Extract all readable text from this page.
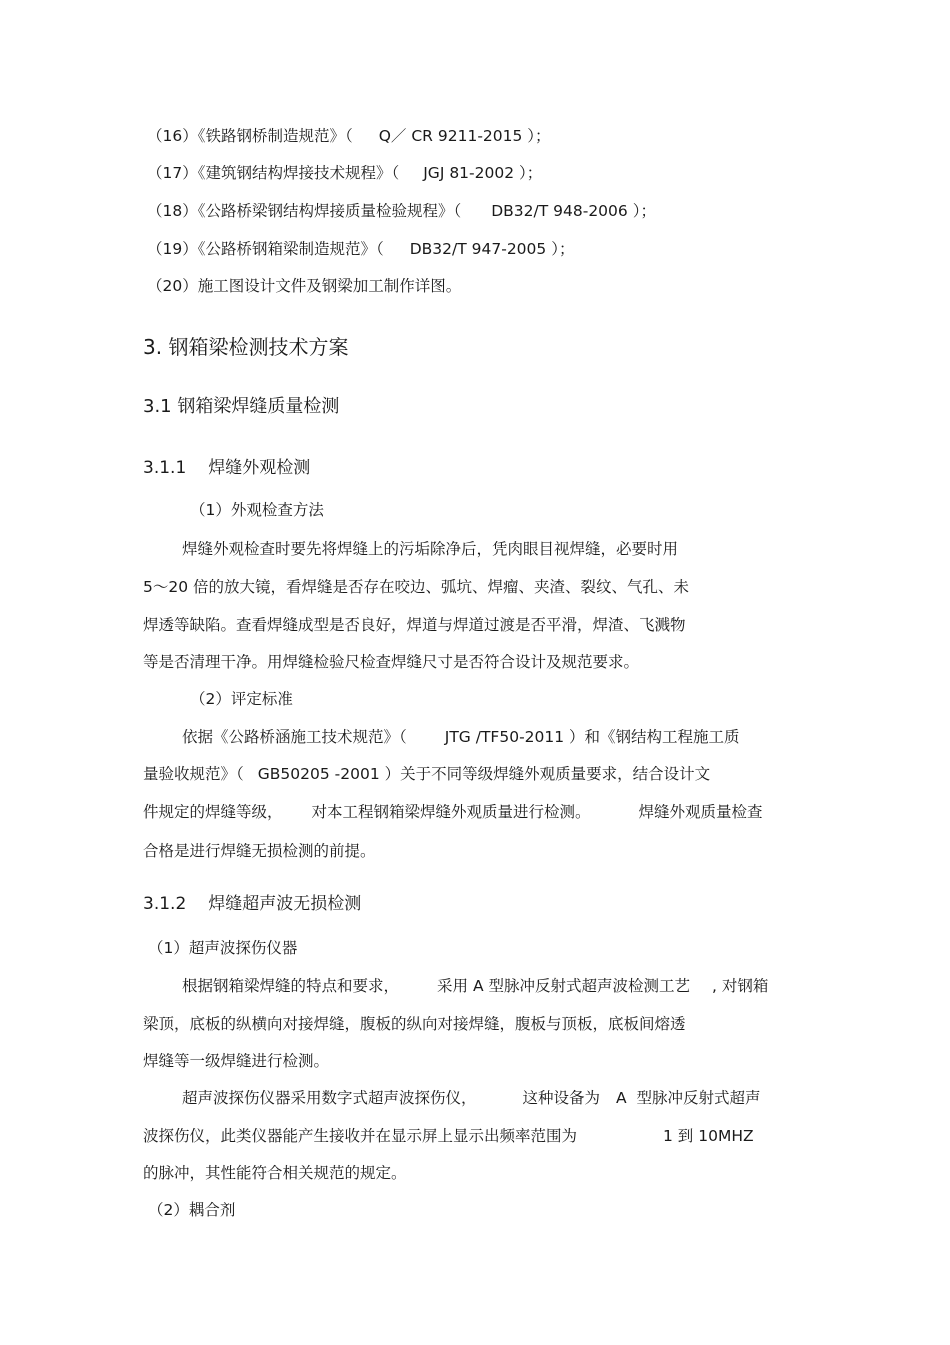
（16）《铁路钢桥制造规范》（ Q／ CR 9211-2015 ）；
（17）《建筑钢结构焊接技术规程》（ JGJ 81-2002 ）；
（18）《公路桥梁钢结构焊接质量检验规程》（ DB32/T 948-2006 ）；
（19）《公路桥钢箱梁制造规范》（ DB32/T 947-2005 ）；
（20）施工图设计文件及钢梁加工制作详图。
3. 钢箱梁检测技术方案
3.1 钢箱梁焊缝质量检测
3.1.1 焊缝外观检测
（1）外观检查方法
焊缝外观检查时要先将焊缝上的污垢除净后，凭肉眼目视焊缝，必要时用
5～20 倍的放大镜，看焊缝是否存在咬边、弧坑、焊瘤、夹渣、裂纹、气孔、未
焊透等缺陷。查看焊缝成型是否良好，焊道与焊道过渡是否平滑，焊渣、飞溅物
等是否清理干净。用焊缝检验尺检查焊缝尺寸是否符合设计及规范要求。
（2）评定标准
依据《公路桥涵施工技术规范》（ JTG /TF50-2011 ）和《钢结构工程施工质
量验收规范》（ GB50205 -2001 ）关于不同等级焊缝外观质量要求，结合设计文
件规定的焊缝等级， 对本工程钢箱梁焊缝外观质量进行检测。	焊缝外观质量检查
合格是进行焊缝无损检测的前提。
3.1.2 焊缝超声波无损检测
（1）超声波探伤仪器
根据钢箱梁焊缝的特点和要求， 采用 A 型脉冲反射式超声波检测工艺 , 对钢箱
梁顶，底板的纵横向对接焊缝，腹板的纵向对接焊缝，腹板与顶板，底板间熔透
焊缝等一级焊缝进行检测。
超声波探伤仪器采用数字式超声波探伤仪，	这种设备为 A  型脉冲反射式超声
波探伤仪，此类仪器能产生接收并在显示屏上显示出频率范围为	1 到 10MHZ
的脉冲，其性能符合相关规范的规定。
（2）耦合剂
